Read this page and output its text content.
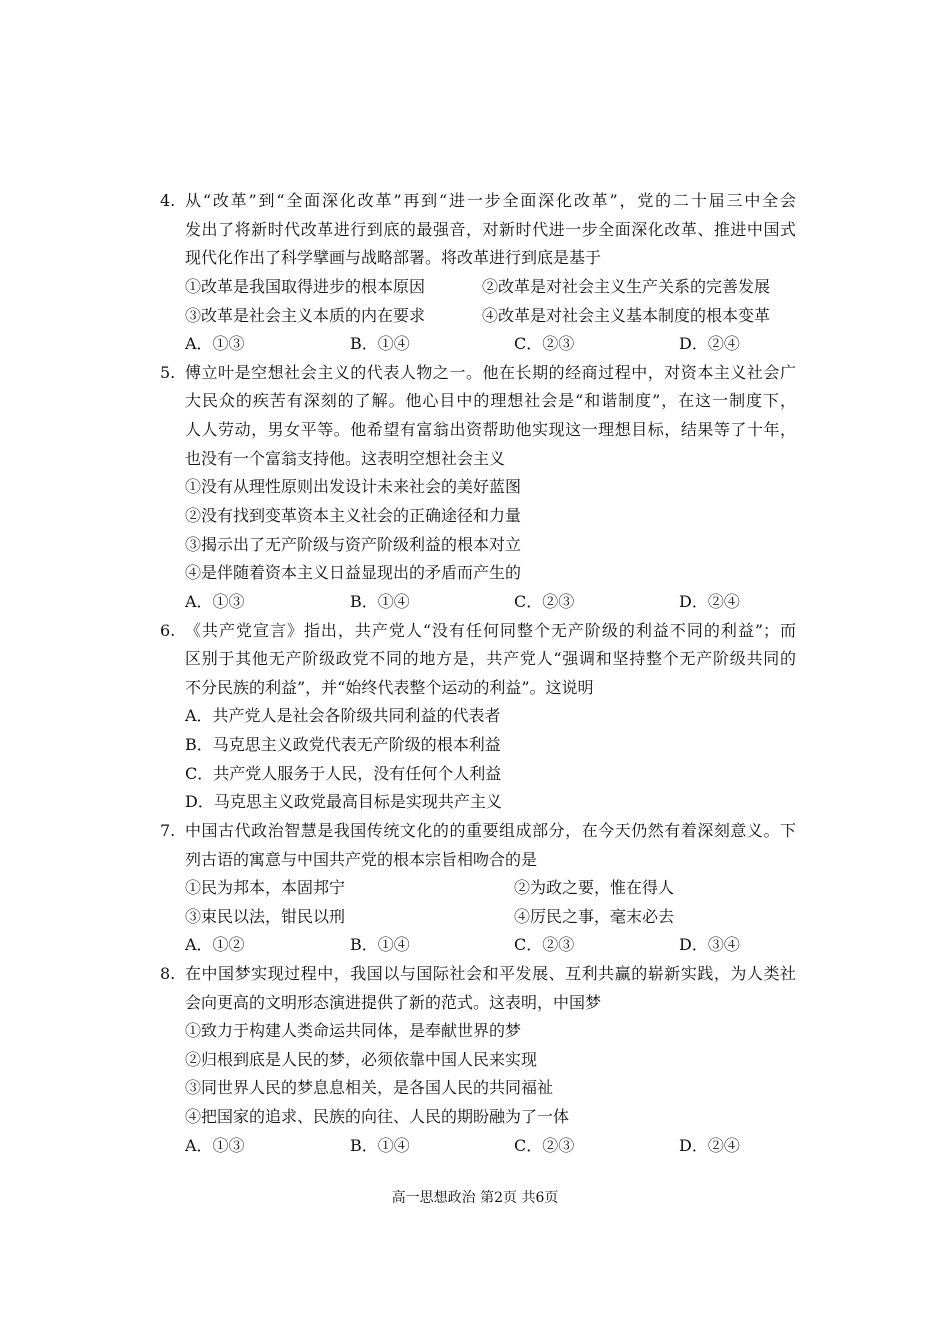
4. 从“改革”到“全面深化改革”再到“进一步全面深化改革”，党的二十届三中全会
发出了将新时代改革进行到底的最强音，对新时代进一步全面深化改革、推进中国式
现代化作出了科学擘画与战略部署。将改革进行到底是基于
①改革是我国取得进步的根本原因	②改革是对社会主义生产关系的完善发展
③改革是社会主义本质的内在要求	④改革是对社会主义基本制度的根本变革
A．①③	B．①④	C．②③	D．②④
5. 傅立叶是空想社会主义的代表人物之一。他在长期的经商过程中，对资本主义社会广
大民众的疾苦有深刻的了解。他心目中的理想社会是“和谐制度”，在这一制度下，
人人劳动，男女平等。他希望有富翁出资帮助他实现这一理想目标，结果等了十年，
也没有一个富翁支持他。这表明空想社会主义
①没有从理性原则出发设计未来社会的美好蓝图
②没有找到变革资本主义社会的正确途径和力量
③揭示出了无产阶级与资产阶级利益的根本对立
④是伴随着资本主义日益显现出的矛盾而产生的
A．①③	B．①④	C．②③	D．②④
6. 《共产党宣言》指出，共产党人“没有任何同整个无产阶级的利益不同的利益”；而
区别于其他无产阶级政党不同的地方是，共产党人“强调和坚持整个无产阶级共同的
不分民族的利益”，并“始终代表整个运动的利益”。这说明
A．共产党人是社会各阶级共同利益的代表者
B．马克思主义政党代表无产阶级的根本利益
C．共产党人服务于人民，没有任何个人利益
D．马克思主义政党最高目标是实现共产主义
7. 中国古代政治智慧是我国传统文化的的重要组成部分，在今天仍然有着深刻意义。下
列古语的寓意与中国共产党的根本宗旨相吻合的是
①民为邦本，本固邦宁	②为政之要，惟在得人
③束民以法，钳民以刑	④厉民之事，毫末必去
A．①②	B．①④	C．②③	D．③④
8. 在中国梦实现过程中，我国以与国际社会和平发展、互利共赢的崭新实践，为人类社
会向更高的文明形态演进提供了新的范式。这表明，中国梦
①致力于构建人类命运共同体，是奉献世界的梦
②归根到底是人民的梦，必须依靠中国人民来实现
③同世界人民的梦息息相关，是各国人民的共同福祉
④把国家的追求、民族的向往、人民的期盼融为了一体
A．①③	B．①④	C．②③	D．②④
高一思想政治 第2页 共6页
